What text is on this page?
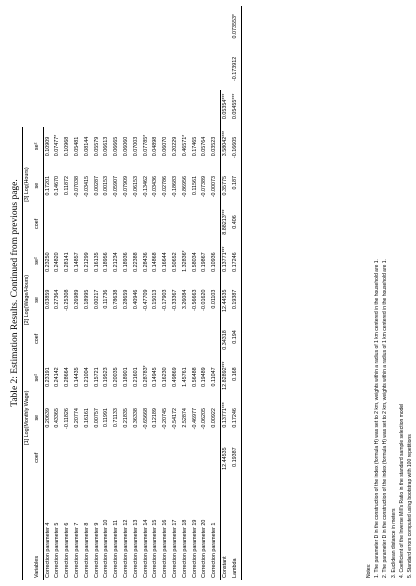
Table 2: Estimation Results. Continued from previous page.
	[1] Log(Monthly Wage)			[2] Log(Wage/Hours)			[3] Log(Hours)					
Variables	coef	se	se²	coef	se	se²	coef	se	se²			
Correction parameter 4		0.20639	0.23191		0.03859	0.23250		0.17201	0.10909			
Correction parameter 5		0.43365	0.24142		0.27364	0.24820		0.14670	0.07477*			
Correction parameter 6		-0.11826	0.28664		-0.25308	0.28141		0.11872	0.10968			
Correction parameter 7		0.20774	0.14435		0.26989	0.14857		-0.07038	0.05481			
Correction parameter 8		0.16161	0.21004		0.18995	0.21299		-0.03415	0.08144			
Correction parameter 9		0.00757	0.15721		0.00217	0.16135		0.00287	0.05579			
Correction parameter 10		0.11991	0.19523		0.11736	0.18956		0.00153	0.06613			
Correction parameter 11		0.71133	0.20035		0.78638	0.21234		-0.05907	0.06665			
Correction parameter 12		0.21835	0.18901		0.28659	0.18936		-0.07909	0.06060			
Correction parameter 13		0.36338	0.21601		0.40946	0.22388		-0.06153	0.07003			
Correction parameter 14		-0.65668	0.28783*		-0.47709	0.28436		-0.13462	0.07785*			
Correction parameter 15		0.12189	0.14945		0.15013	0.14868		-0.03436	0.04898			
Correction parameter 16		-0.20745	0.16230		-0.17903	0.16644		-0.02786	0.06070			
Correction parameter 17		-0.54172	0.49869		-0.33367	0.50652		-0.18683	0.20229			
Correction parameter 18		2.52874	1.45761		3.26084	1.32836*		-0.86956	0.46571*			
Correction parameter 19		-0.46977	0.56488		-0.56663	0.58034		0.11561	0.17465			
Correction parameter 20		-0.06205	0.19489		-0.01620	0.19867		-0.07389	0.05764			
Correction parameter 1		0.00922	0.11047		0.01103	0.10936		-0.00073	0.03523			
Constant	12.44535	0.13771***	12.82892***	0.34318	12.44535	0.13771***	8.88213***	0.35775	3.58042***	0.05354***		
Lambda	0.19387	0.17246	0.168	0.194	0.19387	0.17246	0.406	0.187	-0.16605	0.05455***	-0.173912	0.073553*
Notes: 1. The parameter D in the construction of the index (formula H) was set to 2 km, weights within a radius of 1 km centered in the household are 1. 2. The parameter D in the construction of the index (formula H) was set to 2 km, weights within a radius of 1 km centered in the household are 1. 3. Euclidean distance in meters 4. Coefficient of the Inverse Mill's Ratio in the standard sample selection model 5. Standard errors computed using bootstrap with 100 repetitions
